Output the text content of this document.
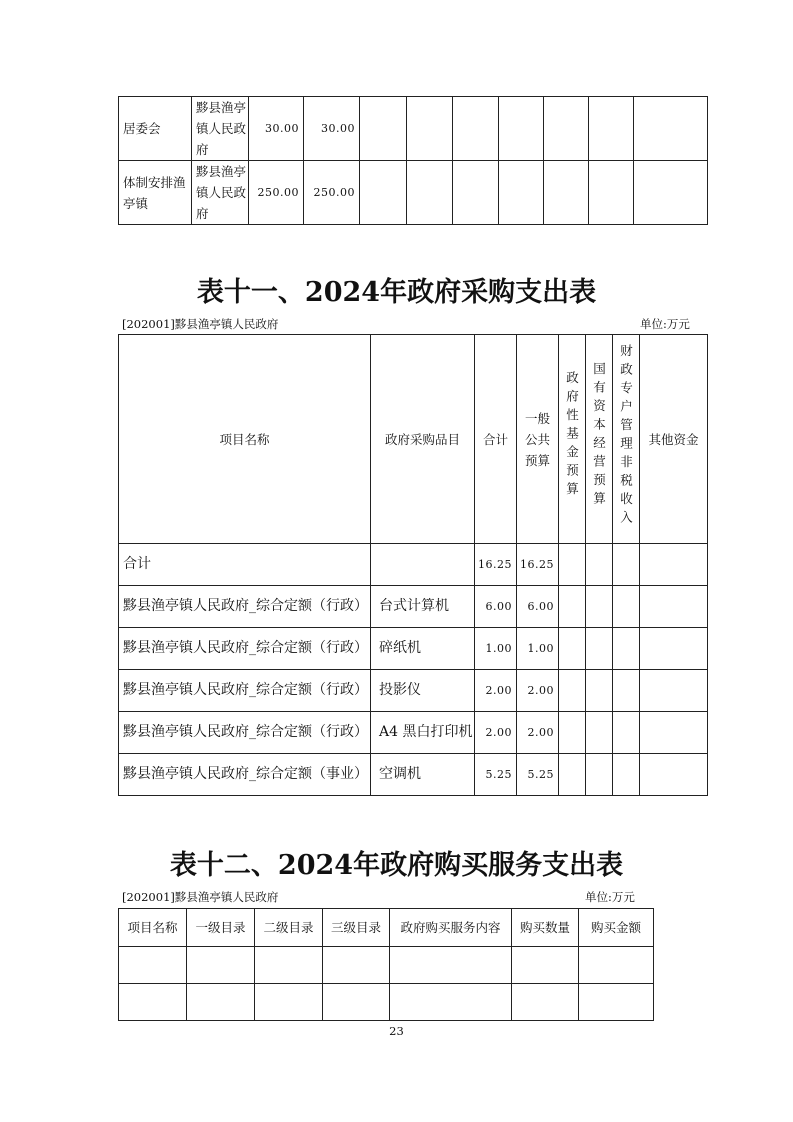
居委会	黟县渔亭镇人民政府	30.00	30.00							
体制安排渔亭镇	黟县渔亭镇人民政府	250.00	250.00							
表十一、2024年政府采购支出表
[202001]黟县渔亭镇人民政府	单位:万元
项目名称	政府采购品目	合计	一般公共预算	政府性基金预算	国有资本经营预算	财政专户管理非税收入	其他资金
合计		16.25	16.25				
黟县渔亭镇人民政府_综合定额（行政）	台式计算机	6.00	6.00				
黟县渔亭镇人民政府_综合定额（行政）	碎纸机	1.00	1.00				
黟县渔亭镇人民政府_综合定额（行政）	投影仪	2.00	2.00				
黟县渔亭镇人民政府_综合定额（行政）	A4 黑白打印机	2.00	2.00				
黟县渔亭镇人民政府_综合定额（事业）	空调机	5.25	5.25				
表十二、2024年政府购买服务支出表
[202001]黟县渔亭镇人民政府	单位:万元
项目名称	一级目录	二级目录	三级目录	政府购买服务内容	购买数量	购买金额

23
